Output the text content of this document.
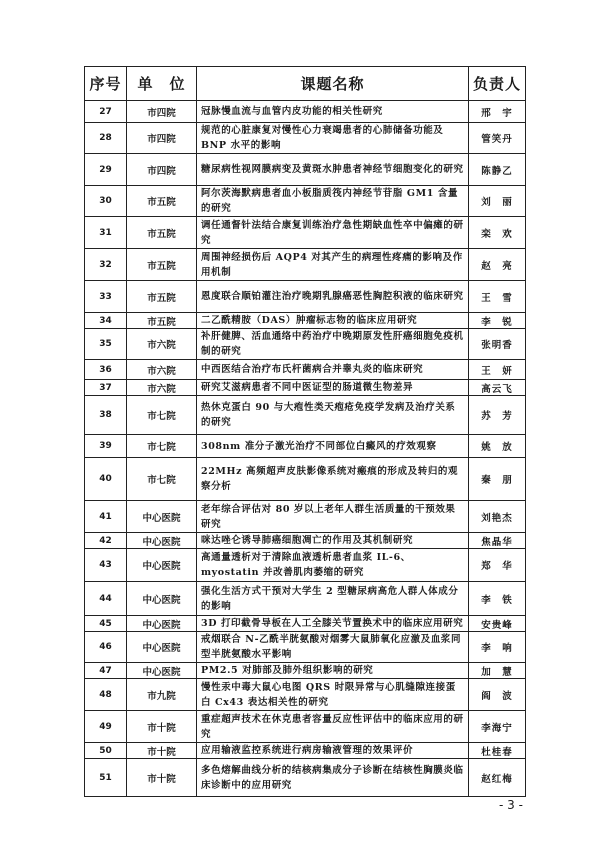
序号	单　位	课题名称	负责人
27	市四院	冠脉慢血流与血管内皮功能的相关性研究	邢　宇
28	市四院	规范的心脏康复对慢性心力衰竭患者的心肺储备功能及 BNP 水平的影响	管笑丹
29	市四院	糖尿病性视网膜病变及黄斑水肿患者神经节细胞变化的研究	陈静乙
30	市五院	阿尔茨海默病患者血小板脂质筏内神经节苷脂 GM1 含量的研究	刘　丽
31	市五院	调任通督针法结合康复训练治疗急性期缺血性卒中偏瘫的研究	栾　欢
32	市五院	周围神经损伤后 AQP4 对其产生的病理性疼痛的影响及作用机制	赵　亮
33	市五院	恩度联合顺铂灌注治疗晚期乳腺癌恶性胸腔积液的临床研究	王　雪
34	市五院	二乙酰精胺（DAS）肿瘤标志物的临床应用研究	李　锐
35	市六院	补肝健脾、活血通络中药治疗中晚期原发性肝癌细胞免疫机制的研究	张明香
36	市六院	中西医结合治疗布氏杆菌病合并睾丸炎的临床研究	王　妍
37	市六院	研究艾滋病患者不同中医证型的肠道微生物差异	高云飞
38	市七院	热休克蛋白 90 与大疱性类天疱疮免疫学发病及治疗关系的研究	苏　芳
39	市七院	308nm 准分子激光治疗不同部位白癜风的疗效观察	姚　放
40	市七院	22MHz 高频超声皮肤影像系统对瘢痕的形成及转归的观察分析	秦　朋
41	中心医院	老年综合评估对 80 岁以上老年人群生活质量的干预效果研究	刘艳杰
42	中心医院	咪达唑仑诱导肺癌细胞凋亡的作用及其机制研究	焦晶华
43	中心医院	高通量透析对于清除血液透析患者血浆 IL-6、myostatin 并改善肌肉萎缩的研究	郑　华
44	中心医院	强化生活方式干预对大学生 2 型糖尿病高危人群人体成分的影响	李　铁
45	中心医院	3D 打印截骨导板在人工全膝关节置换术中的临床应用研究	安贵峰
46	中心医院	戒烟联合 N-乙酰半胱氨酸对烟雾大鼠肺氧化应激及血浆同型半胱氨酸水平影响	李　响
47	中心医院	PM2.5 对肺部及肺外组织影响的研究	加　慧
48	市九院	慢性汞中毒大鼠心电图 QRS 时限异常与心肌缝隙连接蛋白 Cx43 表达相关性的研究	阎　波
49	市十院	重症超声技术在休克患者容量反应性评估中的临床应用的研究	李海宁
50	市十院	应用输液监控系统进行病房输液管理的效果评价	杜桂春
51	市十院	多色熔解曲线分析的结核病集成分子诊断在结核性胸膜炎临床诊断中的应用研究	赵红梅
- 3 -
